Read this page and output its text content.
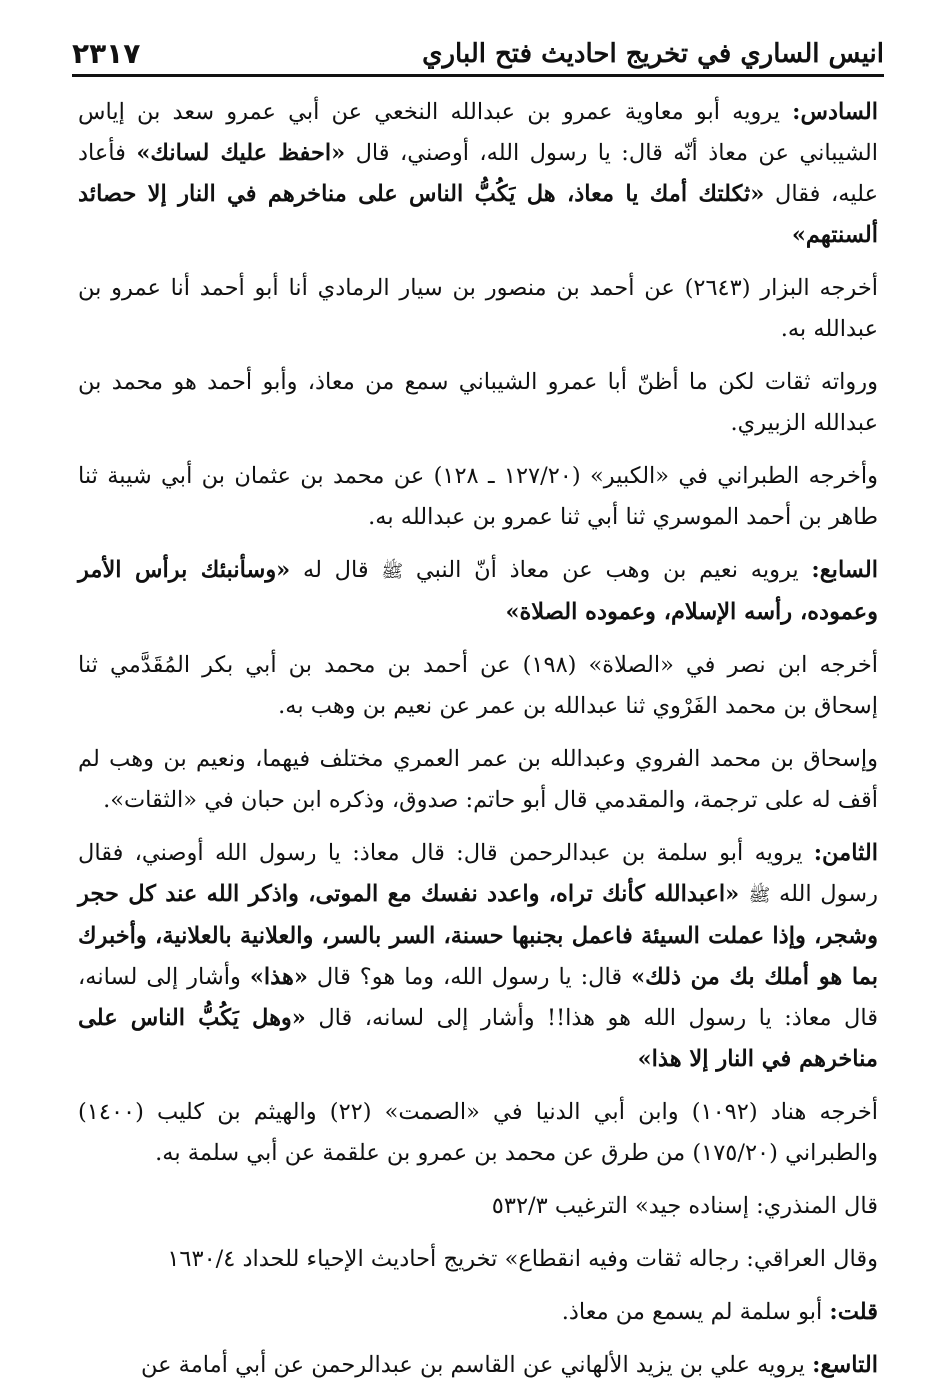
انيس الساري في تخريج احاديث فتح الباري
٢٣١٧

السادس: يرويه أبو معاوية عمرو بن عبدالله النخعي عن أبي عمرو سعد بن إياس الشيباني عن معاذ أنّه قال: يا رسول الله، أوصني، قال «احفظ عليك لسانك» فأعاد عليه، فقال «ثكلتك أمك يا معاذ، هل يَكُبُّ الناس على مناخرهم في النار إلا حصائد ألسنتهم»

أخرجه البزار (٢٦٤٣) عن أحمد بن منصور بن سيار الرمادي أنا أبو أحمد أنا عمرو بن عبدالله به.

ورواته ثقات لكن ما أظنّ أبا عمرو الشيباني سمع من معاذ، وأبو أحمد هو محمد بن عبدالله الزبيري.

وأخرجه الطبراني في «الكبير» (١٢٧/٢٠ ـ ١٢٨) عن محمد بن عثمان بن أبي شيبة ثنا طاهر بن أحمد الموسري ثنا أبي ثنا عمرو بن عبدالله به.

السابع: يرويه نعيم بن وهب عن معاذ أنّ النبي ﷺ قال له «وسأنبئك برأس الأمر وعموده، رأسه الإسلام، وعموده الصلاة»

أخرجه ابن نصر في «الصلاة» (١٩٨) عن أحمد بن محمد بن أبي بكر المُقَدَّمي ثنا إسحاق بن محمد الفَرْوي ثنا عبدالله بن عمر عن نعيم بن وهب به.

وإسحاق بن محمد الفروي وعبدالله بن عمر العمري مختلف فيهما، ونعيم بن وهب لم أقف له على ترجمة، والمقدمي قال أبو حاتم: صدوق، وذكره ابن حبان في «الثقات».

الثامن: يرويه أبو سلمة بن عبدالرحمن قال: قال معاذ: يا رسول الله أوصني، فقال رسول الله ﷺ «اعبدالله كأنك تراه، واعدد نفسك مع الموتى، واذكر الله عند كل حجر وشجر، وإذا عملت السيئة فاعمل بجنبها حسنة، السر بالسر، والعلانية بالعلانية، وأخبرك بما هو أملك بك من ذلك» قال: يا رسول الله، وما هو؟ قال «هذا» وأشار إلى لسانه، قال معاذ: يا رسول الله هو هذا!! وأشار إلى لسانه، قال «وهل يَكُبُّ الناس على مناخرهم في النار إلا هذا»

أخرجه هناد (١٠٩٢) وابن أبي الدنيا في «الصمت» (٢٢) والهيثم بن كليب (١٤٠٠) والطبراني (١٧٥/٢٠) من طرق عن محمد بن عمرو بن علقمة عن أبي سلمة به.

قال المنذري: إسناده جيد» الترغيب ٥٣٢/٣

وقال العراقي: رجاله ثقات وفيه انقطاع» تخريج أحاديث الإحياء للحداد ١٦٣٠/٤

قلت: أبو سلمة لم يسمع من معاذ.

التاسع: يرويه علي بن يزيد الألهاني عن القاسم بن عبدالرحمن عن أبي أمامة عن
